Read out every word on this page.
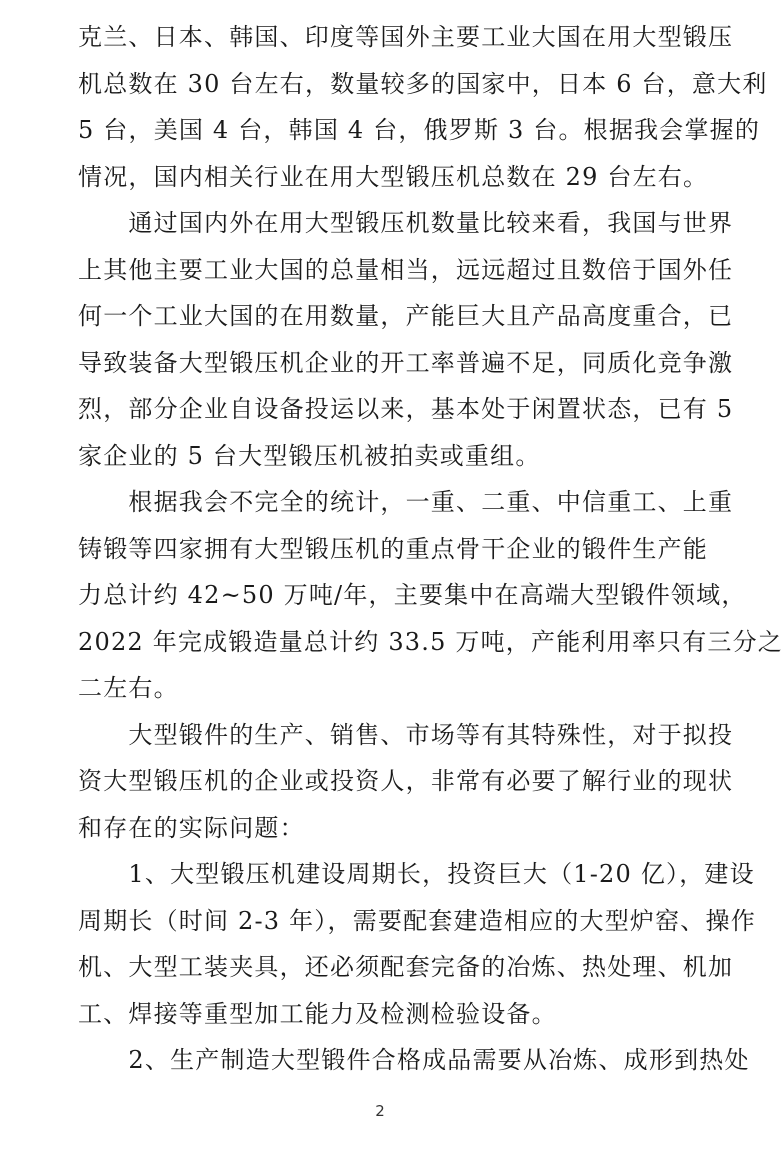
克兰、日本、韩国、印度等国外主要工业大国在用大型锻压
机总数在 30 台左右，数量较多的国家中，日本 6 台，意大利
5 台，美国 4 台，韩国 4 台，俄罗斯 3 台。根据我会掌握的
情况，国内相关行业在用大型锻压机总数在 29 台左右。
　　通过国内外在用大型锻压机数量比较来看，我国与世界
上其他主要工业大国的总量相当，远远超过且数倍于国外任
何一个工业大国的在用数量，产能巨大且产品高度重合，已
导致装备大型锻压机企业的开工率普遍不足，同质化竞争激
烈，部分企业自设备投运以来，基本处于闲置状态，已有 5
家企业的 5 台大型锻压机被拍卖或重组。
　　根据我会不完全的统计，一重、二重、中信重工、上重
铸锻等四家拥有大型锻压机的重点骨干企业的锻件生产能
力总计约 42~50 万吨/年，主要集中在高端大型锻件领域，
2022 年完成锻造量总计约 33.5 万吨，产能利用率只有三分之
二左右。
　　大型锻件的生产、销售、市场等有其特殊性，对于拟投
资大型锻压机的企业或投资人，非常有必要了解行业的现状
和存在的实际问题：
　　1、大型锻压机建设周期长，投资巨大（1-20 亿），建设
周期长（时间 2-3 年），需要配套建造相应的大型炉窑、操作
机、大型工装夹具，还必须配套完备的冶炼、热处理、机加
工、焊接等重型加工能力及检测检验设备。
　　2、生产制造大型锻件合格成品需要从冶炼、成形到热处
2
